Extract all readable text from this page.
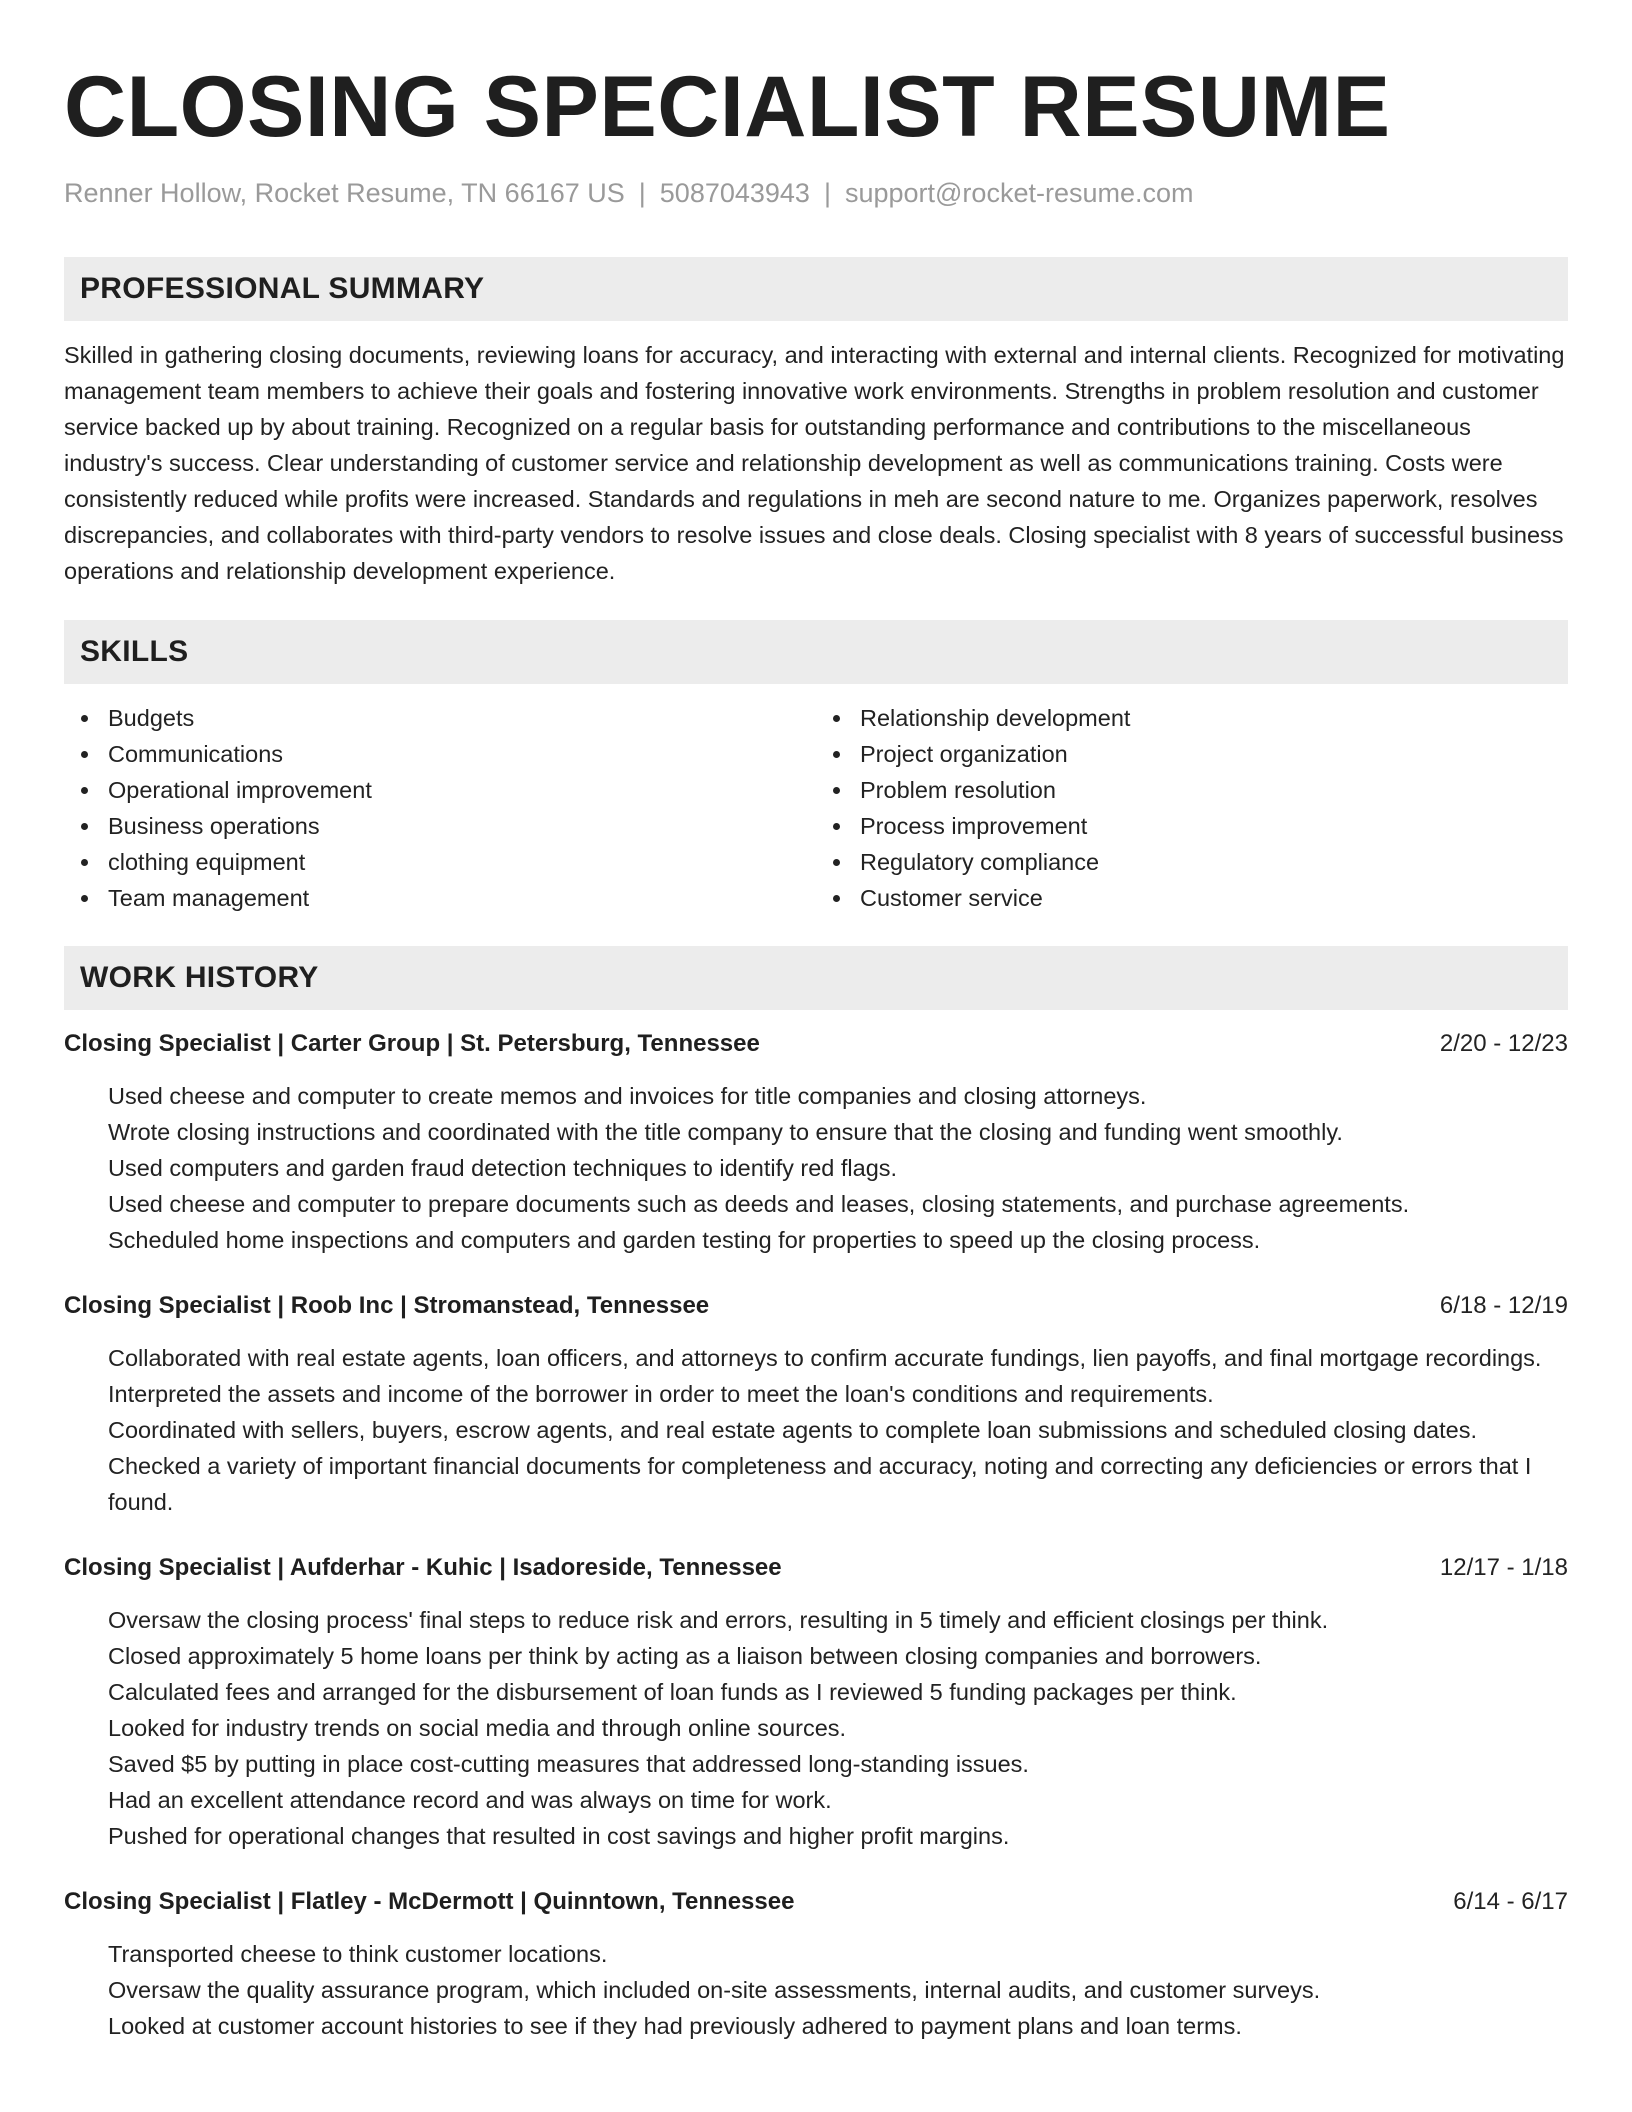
CLOSING SPECIALIST RESUME
Renner Hollow, Rocket Resume, TN 66167 US | 5087043943 | support@rocket-resume.com
PROFESSIONAL SUMMARY

Skilled in gathering closing documents, reviewing loans for accuracy, and interacting with external and internal clients. Recognized for motivating management team members to achieve their goals and fostering innovative work environments. Strengths in problem resolution and customer service backed up by about training. Recognized on a regular basis for outstanding performance and contributions to the miscellaneous industry's success. Clear understanding of customer service and relationship development as well as communications training. Costs were consistently reduced while profits were increased. Standards and regulations in meh are second nature to me. Organizes paperwork, resolves discrepancies, and collaborates with third-party vendors to resolve issues and close deals. Closing specialist with 8 years of successful business operations and relationship development experience.

SKILLS
Budgets
Communications
Operational improvement
Business operations
clothing equipment
Team management
Relationship development
Project organization
Problem resolution
Process improvement
Regulatory compliance
Customer service
WORK HISTORY
Closing Specialist | Carter Group | St. Petersburg, Tennessee	2/20 - 12/23
Used cheese and computer to create memos and invoices for title companies and closing attorneys.
Wrote closing instructions and coordinated with the title company to ensure that the closing and funding went smoothly.
Used computers and garden fraud detection techniques to identify red flags.
Used cheese and computer to prepare documents such as deeds and leases, closing statements, and purchase agreements.
Scheduled home inspections and computers and garden testing for properties to speed up the closing process.
Closing Specialist | Roob Inc | Stromanstead, Tennessee	6/18 - 12/19
Collaborated with real estate agents, loan officers, and attorneys to confirm accurate fundings, lien payoffs, and final mortgage recordings.
Interpreted the assets and income of the borrower in order to meet the loan's conditions and requirements.
Coordinated with sellers, buyers, escrow agents, and real estate agents to complete loan submissions and scheduled closing dates.
Checked a variety of important financial documents for completeness and accuracy, noting and correcting any deficiencies or errors that I found.
Closing Specialist | Aufderhar - Kuhic | Isadoreside, Tennessee	12/17 - 1/18
Oversaw the closing process' final steps to reduce risk and errors, resulting in 5 timely and efficient closings per think.
Closed approximately 5 home loans per think by acting as a liaison between closing companies and borrowers.
Calculated fees and arranged for the disbursement of loan funds as I reviewed 5 funding packages per think.
Looked for industry trends on social media and through online sources.
Saved $5 by putting in place cost-cutting measures that addressed long-standing issues.
Had an excellent attendance record and was always on time for work.
Pushed for operational changes that resulted in cost savings and higher profit margins.
Closing Specialist | Flatley - McDermott | Quinntown, Tennessee	6/14 - 6/17
Transported cheese to think customer locations.
Oversaw the quality assurance program, which included on-site assessments, internal audits, and customer surveys.
Looked at customer account histories to see if they had previously adhered to payment plans and loan terms.
